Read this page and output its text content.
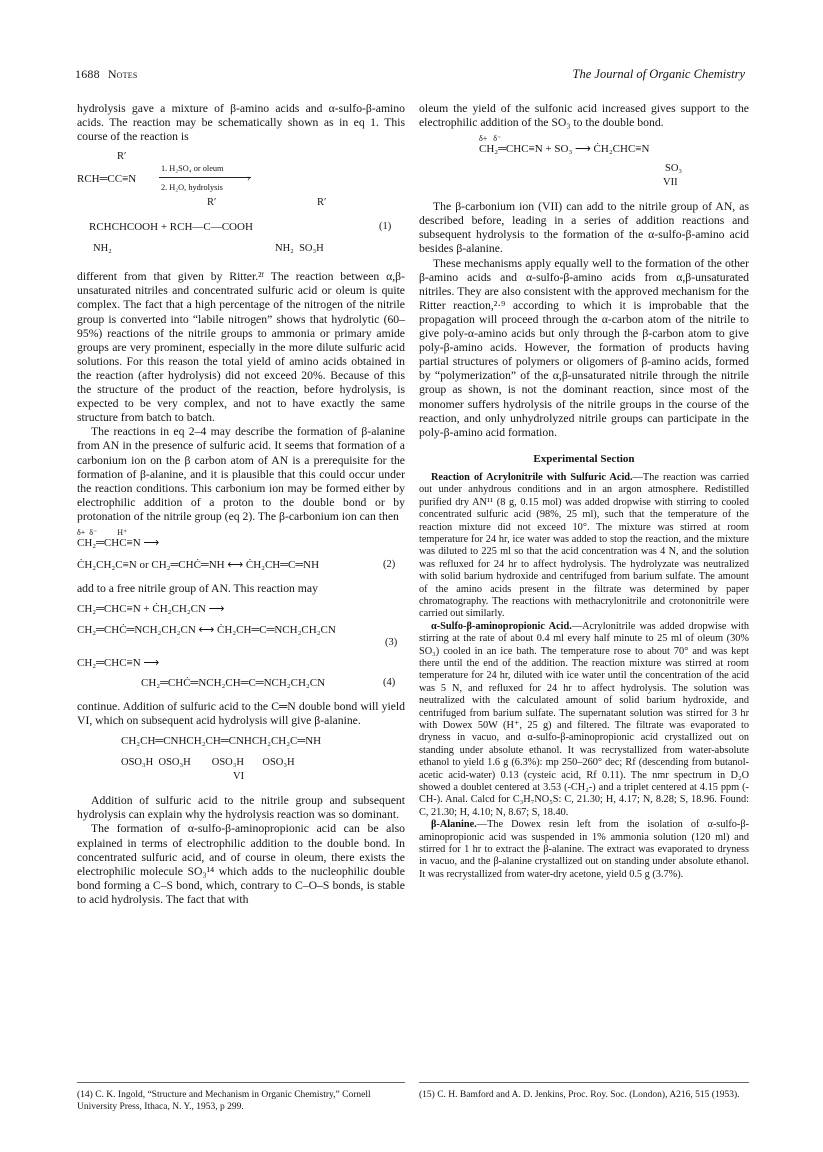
1688 Notes	The Journal of Organic Chemistry

hydrolysis gave a mixture of β-amino acids and α-sulfo-β-amino acids. The reaction may be schematically shown as in eq 1. This course of the reaction is

R′
RCH═CC≡N
1. H₂SO₄ or oleum
›
2. H₂O, hydrolysis
R′	R′
RCHCHCOOH + RCH—C—COOH	(1)
NH₂	NH₂  SO₃H

different from that given by Ritter.²ᶠ The reaction between α,β-unsaturated nitriles and concentrated sulfuric acid or oleum is quite complex. The fact that a high percentage of the nitrogen of the nitrile group is converted into “labile nitrogen” shows that hydrolytic (60–95%) reactions of the nitrile groups to ammonia or primary amide groups are very prominent, especially in the more dilute sulfuric acid solutions. For this reason the total yield of amino acids obtained in the reaction (after hydrolysis) did not exceed 20%. Because of this the structure of the product of the reaction, before hydrolysis, is expected to be very complex, and not to have exactly the same structure from batch to batch.

The reactions in eq 2–4 may describe the formation of β-alanine from AN in the presence of sulfuric acid. It seems that formation of a carbonium ion on the β carbon atom of AN is a prerequisite for the formation of β-alanine, and it is plausible that this could occur under the reaction conditions. This carbonium ion may be formed either by electrophilic addition of a proton to the double bond or by protonation of the nitrile group (eq 2). The β-carbonium ion can then

δ+  δ⁻          H⁺
CH₂═CHC≡N ⟶
ĊH₂CH₂C≡N or CH₂═CHĊ═NH ⟷ ĊH₂CH═C═NH	(2)

add to a free nitrile group of AN. This reaction may

CH₂═CHC≡N + ĊH₂CH₂CN ⟶
CH₂═CHĊ═NCH₂CH₂CN ⟷ ĊH₂CH═C═NCH₂CH₂CN
(3)
CH₂═CHC≡N ⟶
CH₂═CHĊ═NCH₂CH═C═NCH₂CH₂CN	(4)

continue. Addition of sulfuric acid to the C═N double bond will yield VI, which on subsequent acid hydrolysis will give β-alanine.

CH₂CH═CNHCH₂CH═CNHCH₂CH₂C═NH
OSO₃H  OSO₃H        OSO₃H       OSO₃H
VI

Addition of sulfuric acid to the nitrile group and subsequent hydrolysis can explain why the hydrolysis reaction was so dominant.

The formation of α-sulfo-β-aminopropionic acid can be also explained in terms of electrophilic addition to the double bond. In concentrated sulfuric acid, and of course in oleum, there exists the electrophilic molecule SO₃¹⁴ which adds to the nucleophilic double bond forming a C–S bond, which, contrary to C–O–S bonds, is stable to acid hydrolysis. The fact that with

(14) C. K. Ingold, “Structure and Mechanism in Organic Chemistry,” Cornell University Press, Ithaca, N. Y., 1953, p 299.

oleum the yield of the sulfonic acid increased gives support to the electrophilic addition of the SO₃ to the double bond.

δ+   δ⁻
CH₂═CHC≡N + SO₃ ⟶ ĊH₂CHC≡N
SO₃
VII

The β-carbonium ion (VII) can add to the nitrile group of AN, as described before, leading in a series of addition reactions and subsequent hydrolysis to the formation of the α-sulfo-β-amino acid besides β-alanine.

These mechanisms apply equally well to the formation of the other β-amino acids and α-sulfo-β-amino acids from α,β-unsaturated nitriles. They are also consistent with the approved mechanism for the Ritter reaction,²·⁹ according to which it is improbable that the propagation will proceed through the α-carbon atom of the nitrile to give poly-α-amino acids but only through the β-carbon atom to give poly-β-amino acids. However, the formation of products having partial structures of polymers or oligomers of β-amino acids, formed by “polymerization” of the α,β-unsaturated nitrile through the nitrile group as shown, is not the dominant reaction, since most of the monomer suffers hydrolysis of the nitrile groups in the course of the reaction, and only unhydrolyzed nitrile groups can participate in the poly-β-amino acid formation.

Experimental Section

Reaction of Acrylonitrile with Sulfuric Acid.—The reaction was carried out under anhydrous conditions and in an argon atmosphere. Redistilled purified dry AN¹¹ (8 g, 0.15 mol) was added dropwise with stirring to cooled concentrated sulfuric acid (98%, 25 ml), such that the temperature of the reaction mixture did not exceed 10°. The mixture was stirred at room temperature for 24 hr, ice water was added to stop the reaction, and the mixture was diluted to 225 ml so that the acid concentration was 4 N, and the solution was refluxed for 24 hr to affect hydrolysis. The hydrolyzate was neutralized with solid barium hydroxide and centrifuged from barium sulfate. The amount of the amino acids present in the filtrate was determined by paper chromatography. The reactions with methacrylonitrile and crotononitrile were carried out similarly.

α-Sulfo-β-aminopropionic Acid.—Acrylonitrile was added dropwise with stirring at the rate of about 0.4 ml every half minute to 25 ml of oleum (30% SO₃) cooled in an ice bath. The temperature rose to about 70° and was kept there until the end of the addition. The reaction mixture was stirred at room temperature for 24 hr, diluted with ice water until the concentration of the acid was 5 N, and refluxed for 24 hr to affect hydrolysis. The solution was neutralized with the calculated amount of solid barium hydroxide, and centrifuged from barium sulfate. The supernatant solution was stirred for 3 hr with Dowex 50W (H⁺, 25 g) and filtered. The filtrate was evaporated to dryness in vacuo, and α-sulfo-β-aminopropionic acid crystallized out on standing under absolute ethanol. It was recrystallized from water-absolute ethanol to yield 1.6 g (6.3%): mp 250–260° dec; Rf (descending from butanol-acetic acid-water) 0.13 (cysteic acid, Rf 0.11). The nmr spectrum in D₂O showed a doublet centered at 3.53 (-CH₂-) and a triplet centered at 4.15 ppm (-CH-). Anal. Calcd for C₃H₇NO₅S: C, 21.30; H, 4.17; N, 8.28; S, 18.96. Found: C, 21.30; H, 4.10; N, 8.67; S, 18.40.

β-Alanine.—The Dowex resin left from the isolation of α-sulfo-β-aminopropionic acid was suspended in 1% ammonia solution (120 ml) and stirred for 1 hr to extract the β-alanine. The extract was evaporated to dryness in vacuo, and the β-alanine crystallized out on standing under absolute ethanol. It was recrystallized from water-dry acetone, yield 0.5 g (3.7%).

(15) C. H. Bamford and A. D. Jenkins, Proc. Roy. Soc. (London), A216, 515 (1953).
